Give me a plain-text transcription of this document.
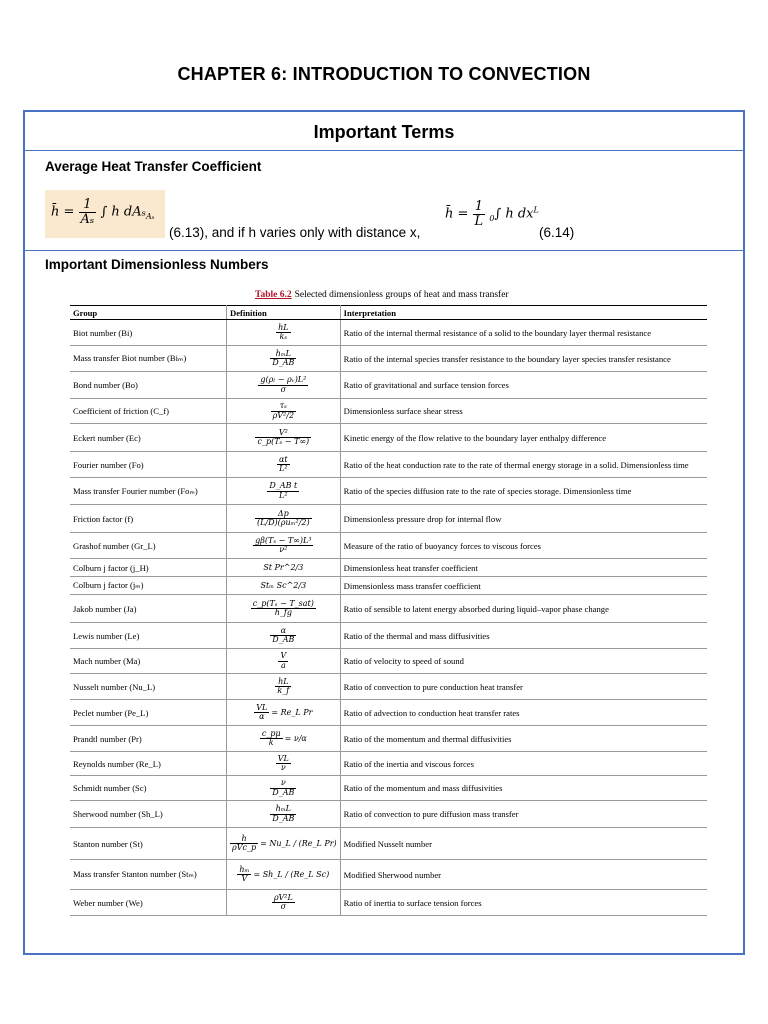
CHAPTER 6: INTRODUCTION TO CONVECTION
Important Terms
Average Heat Transfer Coefficient
h̄ = $\frac{1}{\text{Aₛ}}$ ∫ h dAₛ$_{A_s}$
(6.13), and if h varies only with distance x,
h̄ = $\frac{1}{L} _0\int$ h $dx^L$
(6.14)
Important Dimensionless Numbers
Table 6.2 Selected dimensionless groups of heat and mass transfer
Group	Definition	Interpretation
Biot number (Bi)	$\frac{hL}{\text{kₛ}}$	Ratio of the internal thermal resistance of a solid to the boundary layer thermal resistance
Mass transfer Biot number (Biₘ)	$\frac{\text{hₘL}}{D\_AB}$	Ratio of the internal species transfer resistance to the boundary layer species transfer resistance
Bond number (Bo)	$\frac{\text{g(ρₗ − ρᵥ)L²}}{\sigma}$	Ratio of gravitational and surface tension forces
Coefficient of friction (C_f)	$\frac{\text{τₛ}}{\text{ρV²/2}}$	Dimensionless surface shear stress
Eckert number (Ec)	$\frac{\text{V²}}{\text{c\_p(Tₛ − T∞)}}$	Kinetic energy of the flow relative to the boundary layer enthalpy difference
Fourier number (Fo)	$\frac{\alpha t}{\text{L²}}$	Ratio of the heat conduction rate to the rate of thermal energy storage in a solid. Dimensionless time
Mass transfer Fourier number (Foₘ)	$\frac{\text{D\_AB t}}{\text{L²}}$	Ratio of the species diffusion rate to the rate of species storage. Dimensionless time
Friction factor (f)	$\frac{\Delta p}{\text{(L/D)(ρuₘ²/2)}}$	Dimensionless pressure drop for internal flow
Grashof number (Gr_L)	$\frac{\text{gβ(Tₛ − T∞)L³}}{\text{ν²}}$	Measure of the ratio of buoyancy forces to viscous forces
Colburn j factor (j_H)	St Pr^2/3	Dimensionless heat transfer coefficient
Colburn j factor (jₘ)	Stₘ Sc^2/3	Dimensionless mass transfer coefficient
Jakob number (Ja)	$\frac{\text{c\_p(Tₛ − T\_sat)}}{h\_fg}$	Ratio of sensible to latent energy absorbed during liquid–vapor phase change
Lewis number (Le)	$\frac{\alpha}{D\_AB}$	Ratio of the thermal and mass diffusivities
Mach number (Ma)	$\frac{V}{a}$	Ratio of velocity to speed of sound
Nusselt number (Nu_L)	$\frac{hL}{k\_f}$	Ratio of convection to pure conduction heat transfer
Peclet number (Pe_L)	$\frac{VL}{\alpha}$ = Re_L Pr	Ratio of advection to conduction heat transfer rates
Prandtl number (Pr)	$\frac{c\_p\mu}{k} = \nu/\alpha$	Ratio of the momentum and thermal diffusivities
Reynolds number (Re_L)	$\frac{VL}{\nu}$	Ratio of the inertia and viscous forces
Schmidt number (Sc)	$\frac{\nu}{D\_AB}$	Ratio of the momentum and mass diffusivities
Sherwood number (Sh_L)	$\frac{\text{hₘL}}{D\_AB}$	Ratio of convection to pure diffusion mass transfer
Stanton number (St)	$\frac{h}{\text{ρVc\_p}}$ = Nu_L / (Re_L Pr)	Modified Nusselt number
Mass transfer Stanton number (Stₘ)	$\frac{\text{hₘ}}{V}$ = Sh_L / (Re_L Sc)	Modified Sherwood number
Weber number (We)	$\frac{\text{ρV²L}}{\sigma}$	Ratio of inertia to surface tension forces
